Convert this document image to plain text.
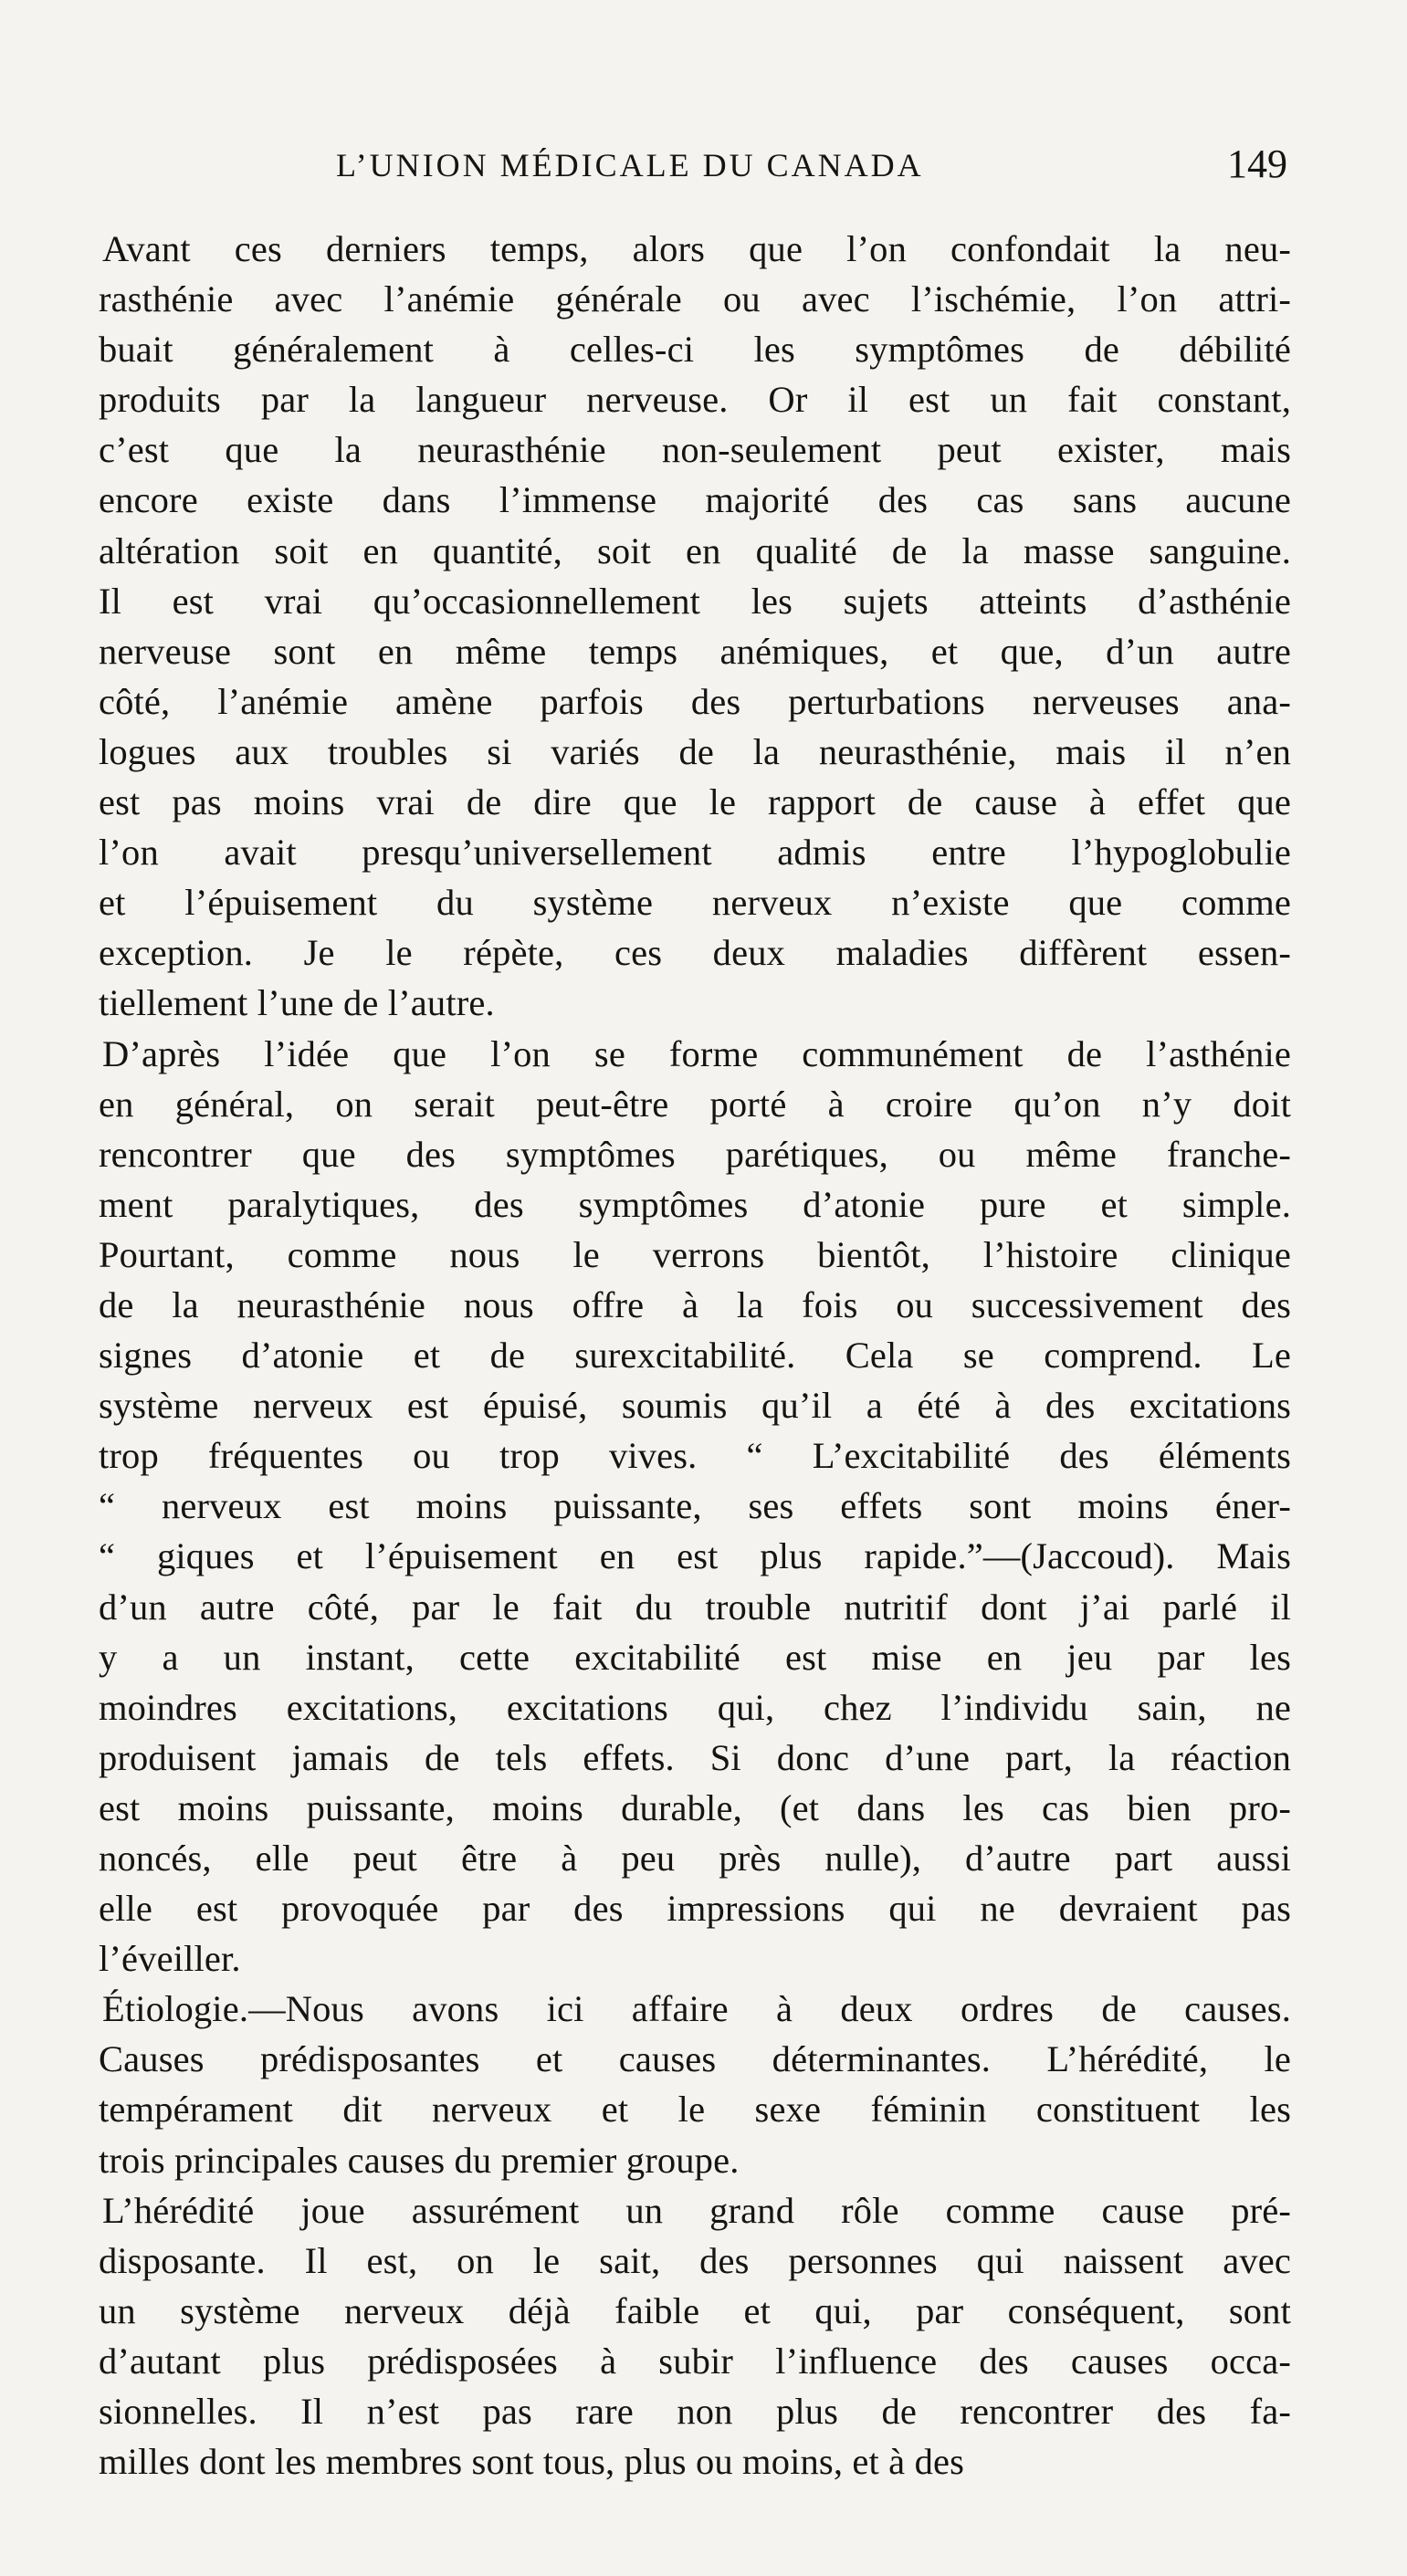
L’UNION MÉDICALE DU CANADA	149
Avant ces derniers temps, alors que l’on confondait la neu-
rasthénie avec l’anémie générale ou avec l’ischémie, l’on attri-
buait généralement à celles-ci les symptômes de débilité
produits par la langueur nerveuse. Or il est un fait constant,
c’est que la neurasthénie non-seulement peut exister, mais
encore existe dans l’immense majorité des cas sans aucune
altération soit en quantité, soit en qualité de la masse sanguine.
Il est vrai qu’occasionnellement les sujets atteints d’asthénie
nerveuse sont en même temps anémiques, et que, d’un autre
côté, l’anémie amène parfois des perturbations nerveuses ana-
logues aux troubles si variés de la neurasthénie, mais il n’en
est pas moins vrai de dire que le rapport de cause à effet que
l’on avait presqu’universellement admis entre l’hypoglobulie
et l’épuisement du système nerveux n’existe que comme
exception. Je le répète, ces deux maladies diffèrent essen-
tiellement l’une de l’autre.
D’après l’idée que l’on se forme communément de l’asthénie
en général, on serait peut-être porté à croire qu’on n’y doit
rencontrer que des symptômes parétiques, ou même franche-
ment paralytiques, des symptômes d’atonie pure et simple.
Pourtant, comme nous le verrons bientôt, l’histoire clinique
de la neurasthénie nous offre à la fois ou successivement des
signes d’atonie et de surexcitabilité. Cela se comprend. Le
système nerveux est épuisé, soumis qu’il a été à des excitations
trop fréquentes ou trop vives. “ L’excitabilité des éléments
“ nerveux est moins puissante, ses effets sont moins éner-
“ giques et l’épuisement en est plus rapide.”—(Jaccoud). Mais
d’un autre côté, par le fait du trouble nutritif dont j’ai parlé il
y a un instant, cette excitabilité est mise en jeu par les
moindres excitations, excitations qui, chez l’individu sain, ne
produisent jamais de tels effets. Si donc d’une part, la réaction
est moins puissante, moins durable, (et dans les cas bien pro-
noncés, elle peut être à peu près nulle), d’autre part aussi
elle est provoquée par des impressions qui ne devraient pas
l’éveiller.
Étiologie.—Nous avons ici affaire à deux ordres de causes.
Causes prédisposantes et causes déterminantes. L’hérédité, le
tempérament dit nerveux et le sexe féminin constituent les
trois principales causes du premier groupe.
L’hérédité joue assurément un grand rôle comme cause pré-
disposante. Il est, on le sait, des personnes qui naissent avec
un système nerveux déjà faible et qui, par conséquent, sont
d’autant plus prédisposées à subir l’influence des causes occa-
sionnelles. Il n’est pas rare non plus de rencontrer des fa-
milles dont les membres sont tous, plus ou moins, et à des
